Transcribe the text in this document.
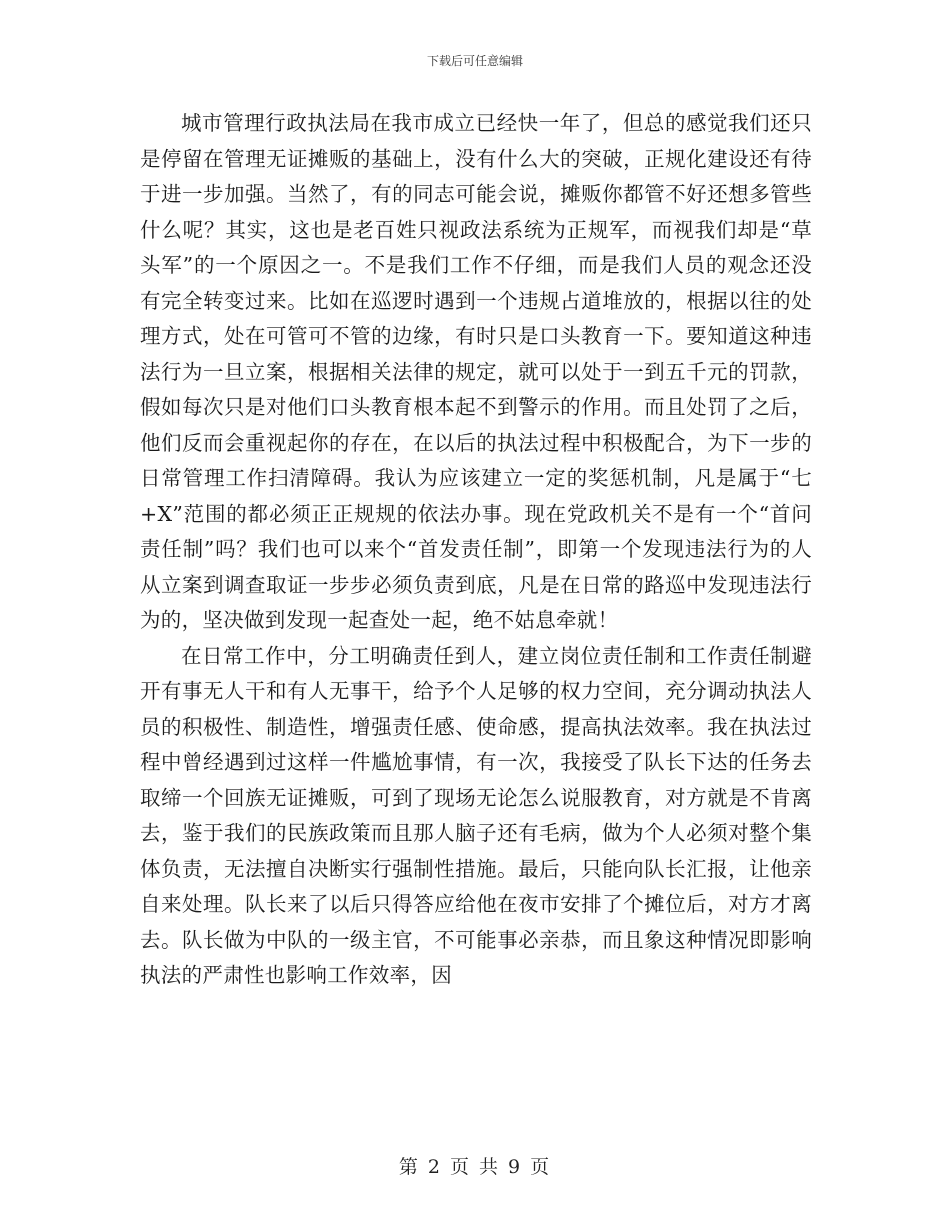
下载后可任意编辑

城市管理行政执法局在我市成立已经快一年了，但总的感觉我们还只是停留在管理无证摊贩的基础上，没有什么大的突破，正规化建设还有待于进一步加强。当然了，有的同志可能会说，摊贩你都管不好还想多管些什么呢？其实，这也是老百姓只视政法系统为正规军，而视我们却是“草头军”的一个原因之一。不是我们工作不仔细，而是我们人员的观念还没有完全转变过来。比如在巡逻时遇到一个违规占道堆放的，根据以往的处理方式，处在可管可不管的边缘，有时只是口头教育一下。要知道这种违法行为一旦立案，根据相关法律的规定，就可以处于一到五千元的罚款，假如每次只是对他们口头教育根本起不到警示的作用。而且处罚了之后，他们反而会重视起你的存在，在以后的执法过程中积极配合，为下一步的日常管理工作扫清障碍。我认为应该建立一定的奖惩机制，凡是属于“七+X”范围的都必须正正规规的依法办事。现在党政机关不是有一个“首问责任制”吗？我们也可以来个“首发责任制”，即第一个发现违法行为的人从立案到调查取证一步步必须负责到底，凡是在日常的路巡中发现违法行为的，坚决做到发现一起查处一起，绝不姑息牵就！

在日常工作中，分工明确责任到人，建立岗位责任制和工作责任制避开有事无人干和有人无事干，给予个人足够的权力空间，充分调动执法人员的积极性、制造性，增强责任感、使命感，提高执法效率。我在执法过程中曾经遇到过这样一件尴尬事情，有一次，我接受了队长下达的任务去取缔一个回族无证摊贩，可到了现场无论怎么说服教育，对方就是不肯离去，鉴于我们的民族政策而且那人脑子还有毛病，做为个人必须对整个集体负责，无法擅自决断实行强制性措施。最后，只能向队长汇报，让他亲自来处理。队长来了以后只得答应给他在夜市安排了个摊位后，对方才离去。队长做为中队的一级主官，不可能事必亲恭，而且象这种情况即影响执法的严肃性也影响工作效率，因

第 2 页 共 9 页
